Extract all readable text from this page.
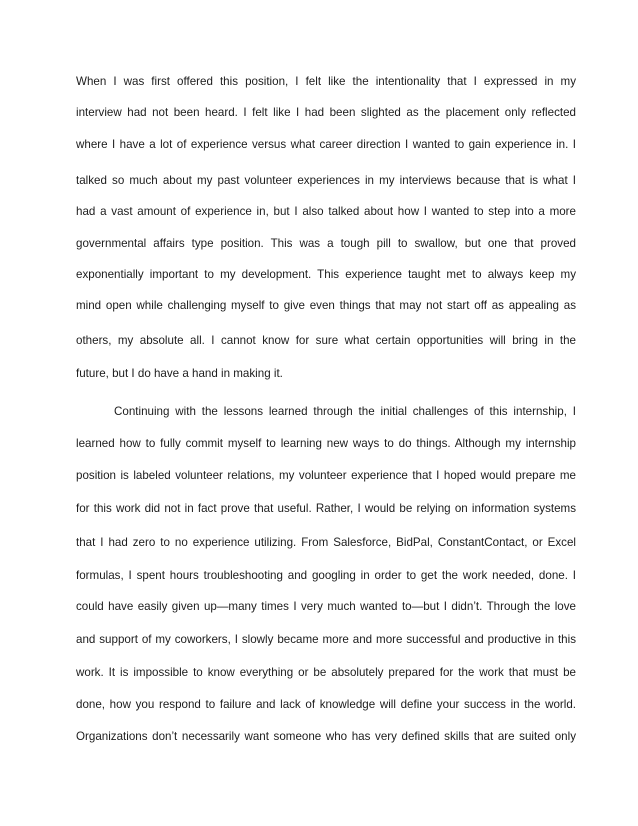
When I was first offered this position, I felt like the intentionality that I expressed in my
interview had not been heard. I felt like I had been slighted as the placement only reflected
where I have a lot of experience versus what career direction I wanted to gain experience in. I
talked so much about my past volunteer experiences in my interviews because that is what I
had a vast amount of experience in, but I also talked about how I wanted to step into a more
governmental affairs type position. This was a tough pill to swallow, but one that proved
exponentially important to my development. This experience taught met to always keep my
mind open while challenging myself to give even things that may not start off as appealing as
others, my absolute all. I cannot know for sure what certain opportunities will bring in the
future, but I do have a hand in making it.
Continuing with the lessons learned through the initial challenges of this internship, I
learned how to fully commit myself to learning new ways to do things. Although my internship
position is labeled volunteer relations, my volunteer experience that I hoped would prepare me
for this work did not in fact prove that useful. Rather, I would be relying on information systems
that I had zero to no experience utilizing. From Salesforce, BidPal, ConstantContact, or Excel
formulas, I spent hours troubleshooting and googling in order to get the work needed, done. I
could have easily given up—many times I very much wanted to—but I didn’t. Through the love
and support of my coworkers, I slowly became more and more successful and productive in this
work. It is impossible to know everything or be absolutely prepared for the work that must be
done, how you respond to failure and lack of knowledge will define your success in the world.
Organizations don’t necessarily want someone who has very defined skills that are suited only
